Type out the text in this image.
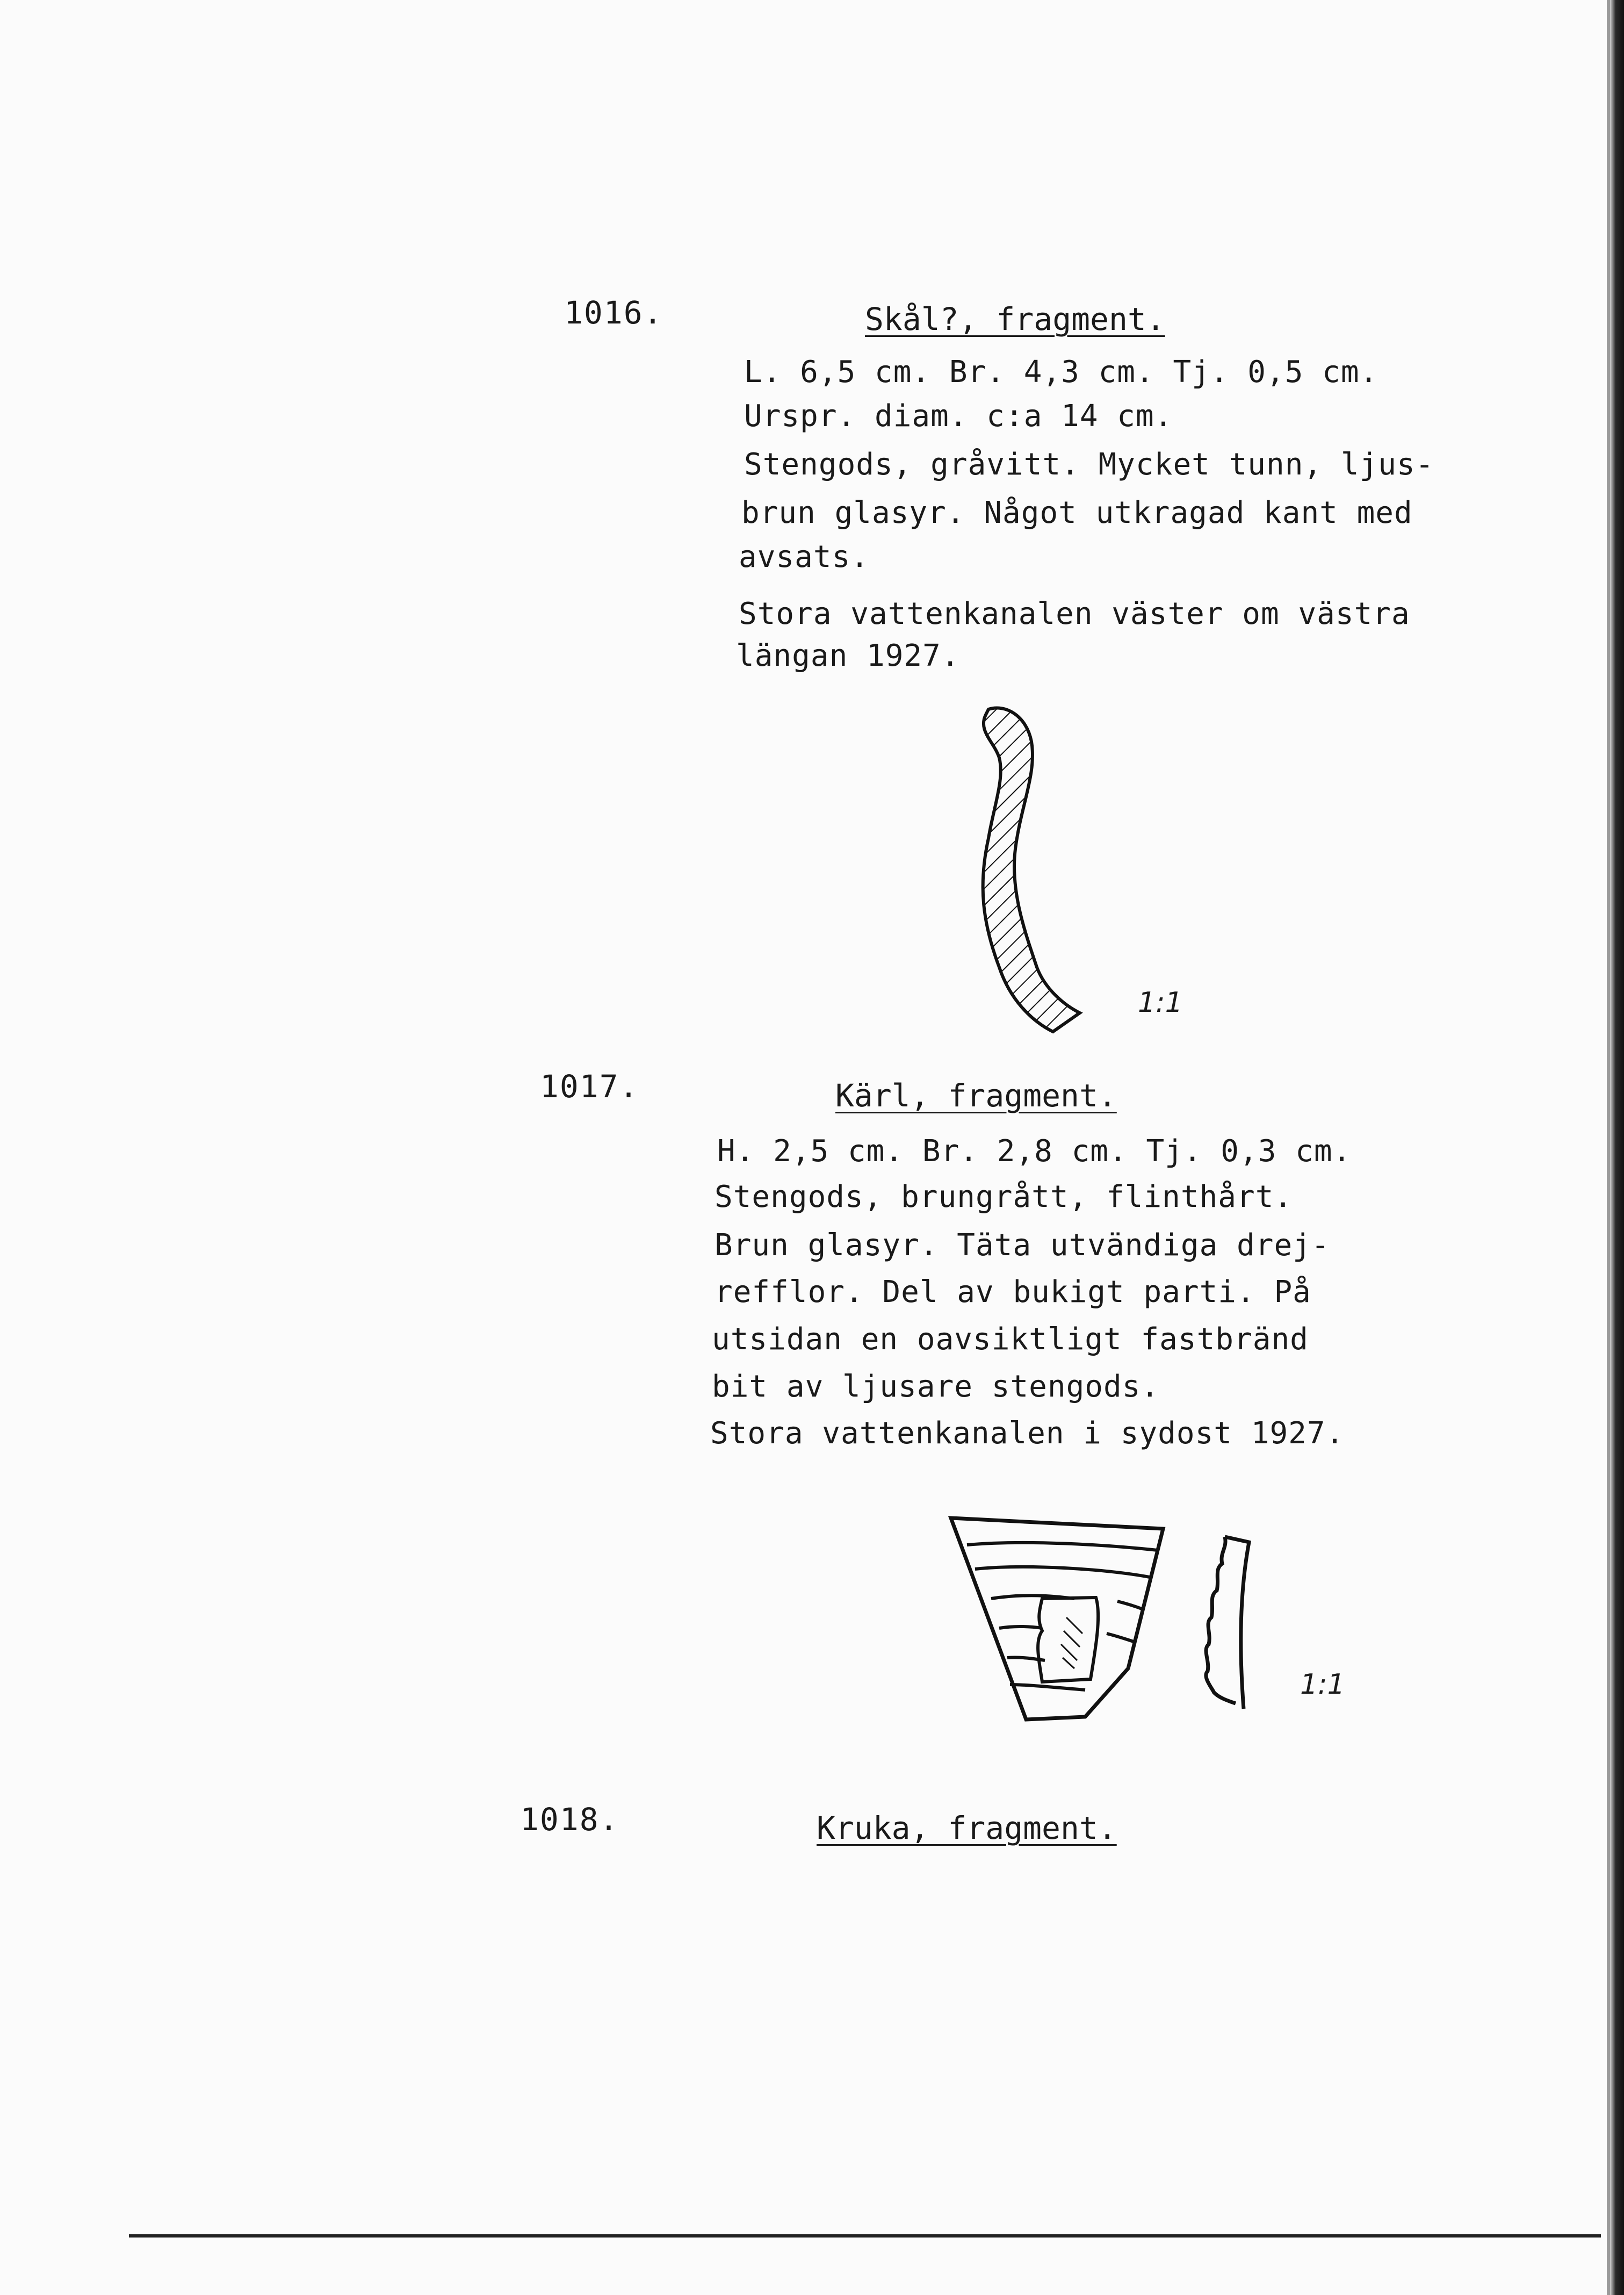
1016.	Skål?, fragment.
L. 6,5 cm. Br. 4,3 cm. Tj. 0,5 cm.
Urspr. diam. c:a 14 cm.
Stengods, gråvitt. Mycket tunn, ljus-
brun glasyr. Något utkragad kant med
avsats.
Stora vattenkanalen väster om västra
längan 1927.
1:1
1017.	Kärl, fragment.
H. 2,5 cm. Br. 2,8 cm. Tj. 0,3 cm.
Stengods, brungrått, flinthårt.
Brun glasyr. Täta utvändiga drej-
refflor. Del av bukigt parti. På
utsidan en oavsiktligt fastbränd
bit av ljusare stengods.
Stora vattenkanalen i sydost 1927.
1:1
1018.	Kruka, fragment.
